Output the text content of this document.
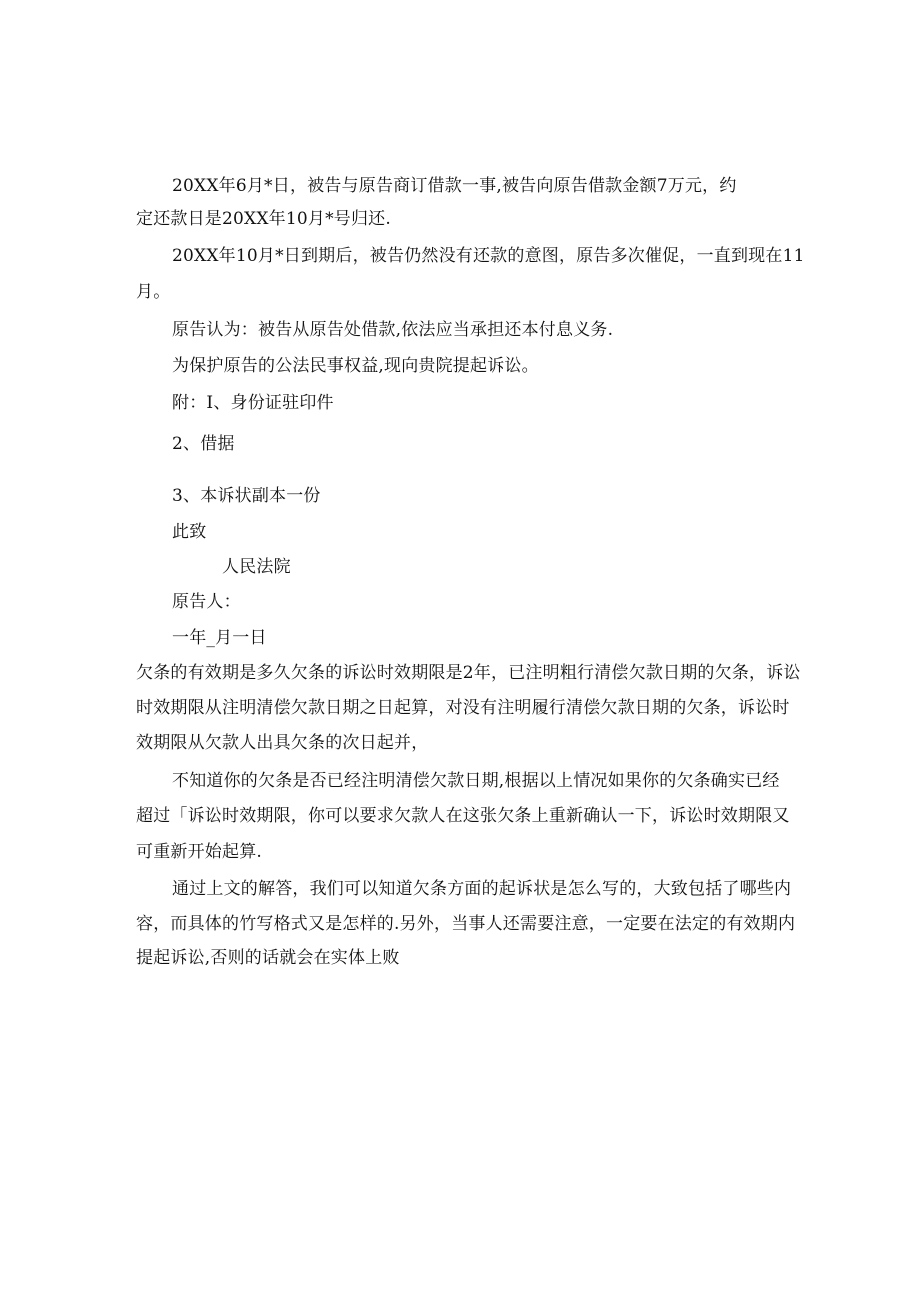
20XX年6月*日，被告与原告商订借款一事,被告向原告借款金额7万元，约
定还款日是20XX年10月*号归还.
20XX年10月*日到期后，被告仍然没有还款的意图，原告多次催促，一直到现在11
月。
原告认为：被告从原告处借款,依法应当承担还本付息义务.
为保护原告的公法民事权益,现向贵院提起诉讼。
附：I、身份证驻印件
2、借据
3、本诉状副本一份
此致
人民法院
原告人：
一年_月一日
欠条的有效期是多久欠条的诉讼时效期限是2年，已注明粗行清偿欠款日期的欠条，诉讼
时效期限从注明清偿欠款日期之日起算，对没有注明履行清偿欠款日期的欠条，诉讼时
效期限从欠款人出具欠条的次日起并，
不知道你的欠条是否已经注明清偿欠款日期,根据以上情况如果你的欠条确实已经
超过「诉讼时效期限，你可以要求欠款人在这张欠条上重新确认一下，诉讼时效期限又
可重新开始起算.
通过上文的解答，我们可以知道欠条方面的起诉状是怎么写的，大致包括了哪些内
容，而具体的竹写格式又是怎样的.另外，当事人还需要注意，一定要在法定的有效期内
提起诉讼,否则的话就会在实体上败
